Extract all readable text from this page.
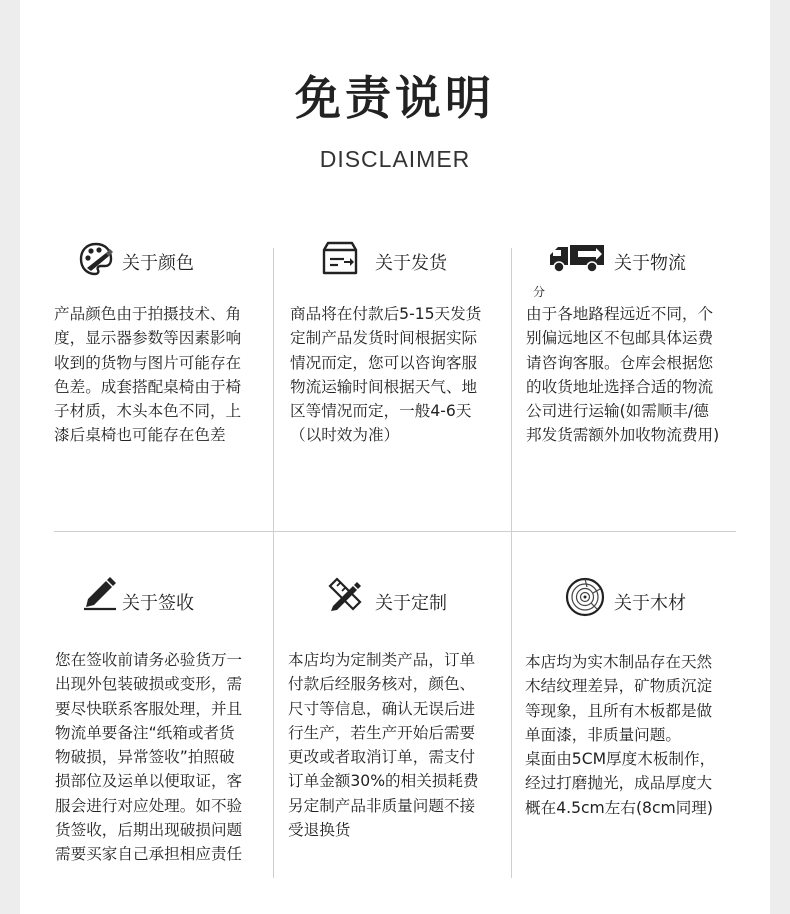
免责说明
DISCLAIMER
关于颜色
产品颜色由于拍摄技术、角
度，显示器参数等因素影响
收到的货物与图片可能存在
色差。成套搭配桌椅由于椅
子材质，木头本色不同，上
漆后桌椅也可能存在色差
关于发货
商品将在付款后5-15天发货
定制产品发货时间根据实际
情况而定，您可以咨询客服
物流运输时间根据天气、地
区等情况而定，一般4-6天
（以时效为准）
关于物流
分
由于各地路程远近不同，个
别偏远地区不包邮具体运费
请咨询客服。仓库会根据您
的收货地址选择合适的物流
公司进行运输(如需顺丰/德
邦发货需额外加收物流费用)
关于签收
您在签收前请务必验货万一
出现外包装破损或变形，需
要尽快联系客服处理，并且
物流单要备注“纸箱或者货
物破损，异常签收”拍照破
损部位及运单以便取证，客
服会进行对应处理。如不验
货签收，后期出现破损问题
需要买家自己承担相应责任
关于定制
本店均为定制类产品，订单
付款后经服务核对，颜色、
尺寸等信息，确认无误后进
行生产，若生产开始后需要
更改或者取消订单，需支付
订单金额30%的相关损耗费
另定制产品非质量问题不接
受退换货
关于木材
本店均为实木制品存在天然
木结纹理差异，矿物质沉淀
等现象，且所有木板都是做
单面漆，非质量问题。
桌面由5CM厚度木板制作，
经过打磨抛光，成品厚度大
概在4.5cm左右(8cm同理)
